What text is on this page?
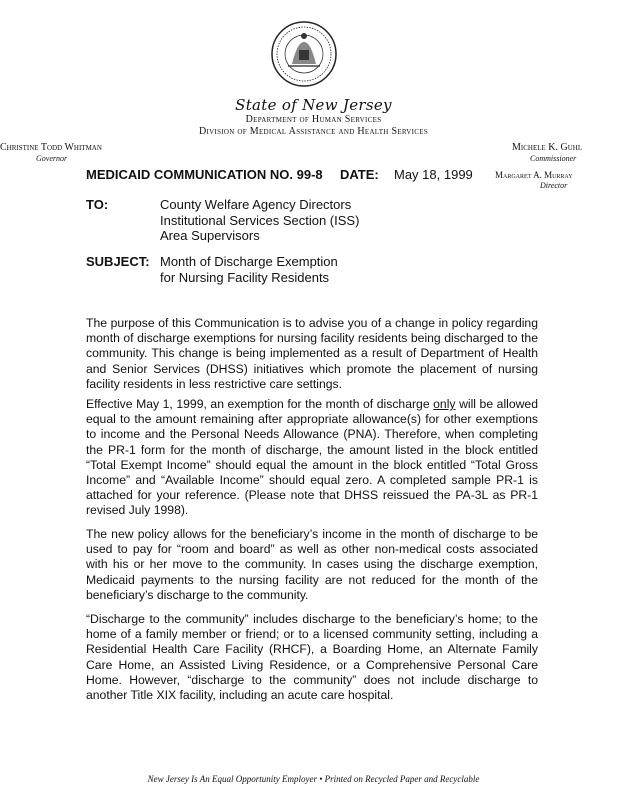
State of New Jersey
Department of Human Services
Division of Medical Assistance and Health Services
Christine Todd Whitman
Governor
Michele K. Guhl
Commissioner
Margaret A. Murray
Director
MEDICAID COMMUNICATION NO. 99-8 DATE: May 18, 1999
TO:	County Welfare Agency Directors
Institutional Services Section (ISS)
Area Supervisors
SUBJECT: Month of Discharge Exemption
for Nursing Facility Residents
The purpose of this Communication is to advise you of a change in policy regarding month of discharge exemptions for nursing facility residents being discharged to the community. This change is being implemented as a result of Department of Health and Senior Services (DHSS) initiatives which promote the placement of nursing facility residents in less restrictive care settings.
Effective May 1, 1999, an exemption for the month of discharge only will be allowed equal to the amount remaining after appropriate allowance(s) for other exemptions to income and the Personal Needs Allowance (PNA). Therefore, when completing the PR-1 form for the month of discharge, the amount listed in the block entitled “Total Exempt Income” should equal the amount in the block entitled “Total Gross Income” and “Available Income” should equal zero. A completed sample PR-1 is attached for your reference. (Please note that DHSS reissued the PA-3L as PR-1 revised July 1998).
The new policy allows for the beneficiary’s income in the month of discharge to be used to pay for “room and board” as well as other non-medical costs associated with his or her move to the community. In cases using the discharge exemption, Medicaid payments to the nursing facility are not reduced for the month of the beneficiary’s discharge to the community.
“Discharge to the community” includes discharge to the beneficiary’s home; to the home of a family member or friend; or to a licensed community setting, including a Residential Health Care Facility (RHCF), a Boarding Home, an Alternate Family Care Home, an Assisted Living Residence, or a Comprehensive Personal Care Home. However, “discharge to the community” does not include discharge to another Title XIX facility, including an acute care hospital.
New Jersey Is An Equal Opportunity Employer • Printed on Recycled Paper and Recyclable
